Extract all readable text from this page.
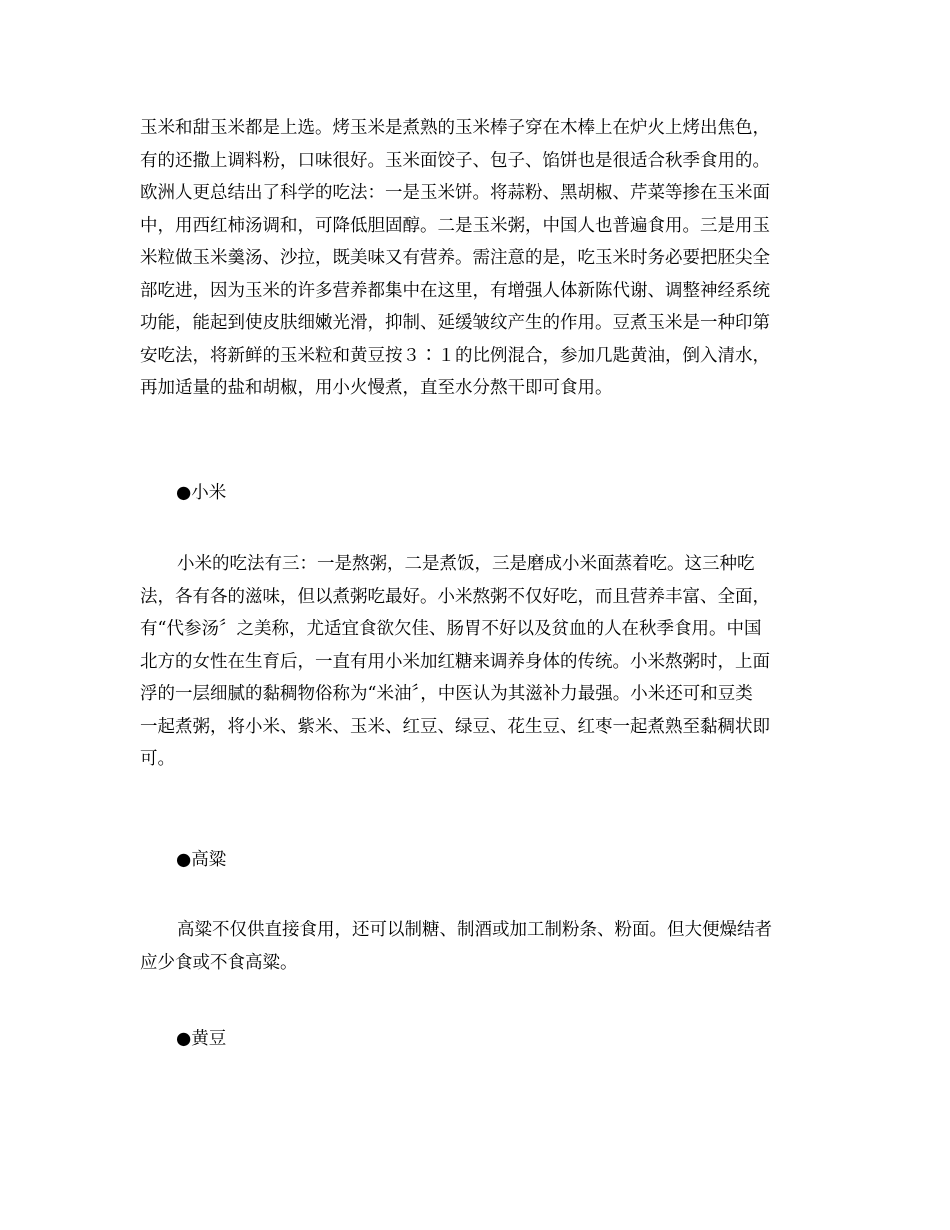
玉米和甜玉米都是上选。烤玉米是煮熟的玉米棒子穿在木棒上在炉火上烤出焦色，
有的还撒上调料粉，口味很好。玉米面饺子、包子、馅饼也是很适合秋季食用的。
欧洲人更总结出了科学的吃法：一是玉米饼。将蒜粉、黑胡椒、芹菜等掺在玉米面
中，用西红柿汤调和，可降低胆固醇。二是玉米粥，中国人也普遍食用。三是用玉
米粒做玉米羹汤、沙拉，既美味又有营养。需注意的是，吃玉米时务必要把胚尖全
部吃进，因为玉米的许多营养都集中在这里，有增强人体新陈代谢、调整神经系统
功能，能起到使皮肤细嫩光滑，抑制、延缓皱纹产生的作用。豆煮玉米是一种印第
安吃法，将新鲜的玉米粒和黄豆按３∶１的比例混合，参加几匙黄油，倒入清水，
再加适量的盐和胡椒，用小火慢煮，直至水分熬干即可食用。
●小米
小米的吃法有三：一是熬粥，二是煮饭，三是磨成小米面蒸着吃。这三种吃
法，各有各的滋味，但以煮粥吃最好。小米熬粥不仅好吃，而且营养丰富、全面，
有“代参汤〞之美称，尤适宜食欲欠佳、肠胃不好以及贫血的人在秋季食用。中国
北方的女性在生育后，一直有用小米加红糖来调养身体的传统。小米熬粥时，上面
浮的一层细腻的黏稠物俗称为“米油〞，中医认为其滋补力最强。小米还可和豆类
一起煮粥，将小米、紫米、玉米、红豆、绿豆、花生豆、红枣一起煮熟至黏稠状即
可。
●高粱
高粱不仅供直接食用，还可以制糖、制酒或加工制粉条、粉面。但大便燥结者
应少食或不食高粱。
●黄豆
